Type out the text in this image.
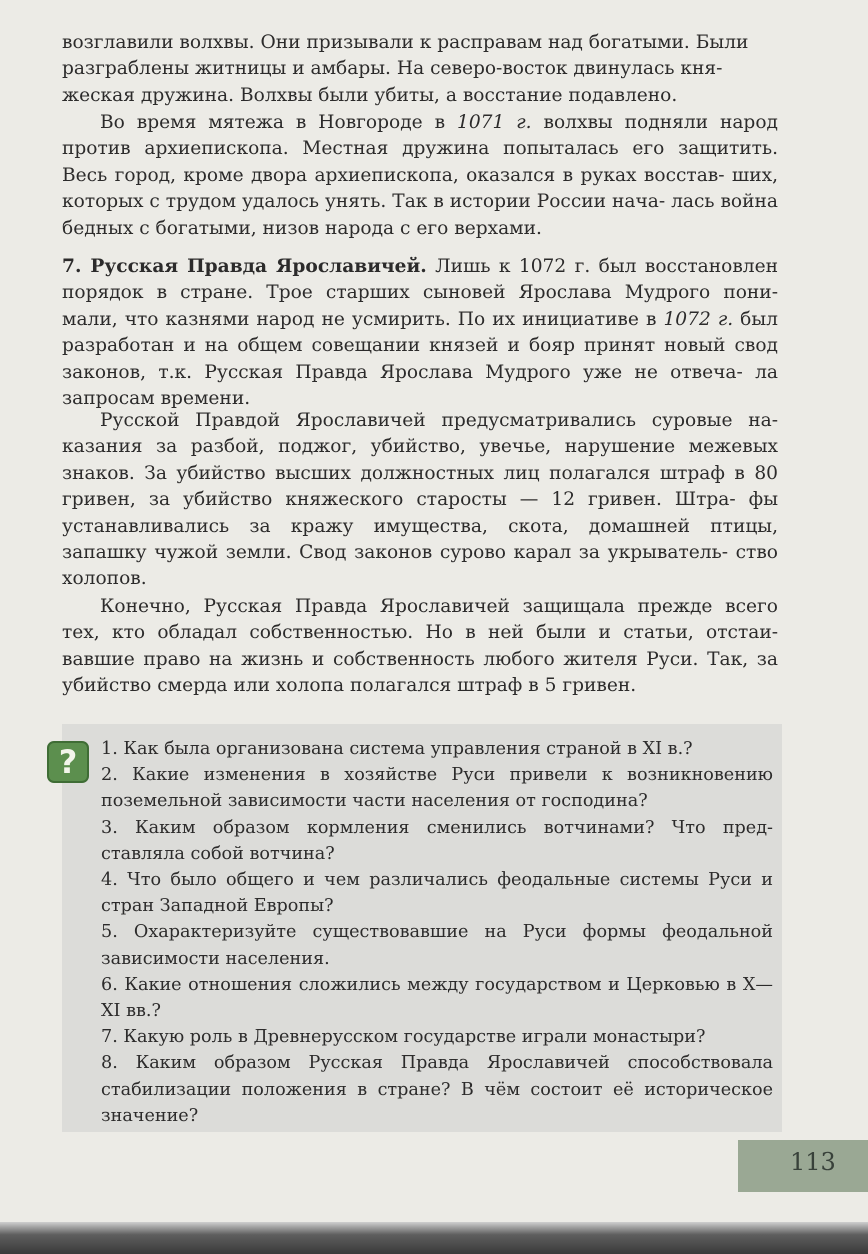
возглавили волхвы. Они призывали к расправам над богатыми. Были

разграблены житницы и амбары. На северо-восток двинулась кня-

жеская дружина. Волхвы были убиты, а восстание подавлено.

Во время мятежа в Новгороде в 1071 г. волхвы подняли народ против архиепископа. Местная дружина попыталась его защитить. Весь город, кроме двора архиепископа, оказался в руках восстав- ших, которых с трудом удалось унять. Так в истории России нача- лась война бедных с богатыми, низов народа с его верхами.

7. Русская Правда Ярославичей. Лишь к 1072 г. был восстановлен порядок в стране. Трое старших сыновей Ярослава Мудрого пони- мали, что казнями народ не усмирить. По их инициативе в 1072 г. был разработан и на общем совещании князей и бояр принят новый свод законов, т.к. Русская Правда Ярослава Мудрого уже не отвеча- ла запросам времени.

Русской Правдой Ярославичей предусматривались суровые на- казания за разбой, поджог, убийство, увечье, нарушение межевых знаков. За убийство высших должностных лиц полагался штраф в 80 гривен, за убийство княжеского старосты — 12 гривен. Штра- фы устанавливались за кражу имущества, скота, домашней птицы, запашку чужой земли. Свод законов сурово карал за укрыватель- ство холопов.

Конечно, Русская Правда Ярославичей защищала прежде всего тех, кто обладал собственностью. Но в ней были и статьи, отстаи- вавшие право на жизнь и собственность любого жителя Руси. Так, за убийство смерда или холопа полагался штраф в 5 гривен.

?	1. Как была организована система управления страной в XI в.?
2. Какие изменения в хозяйстве Руси привели к возникновению поземельной зависимости части населения от господина?
3. Каким образом кормления сменились вотчинами? Что пред- ставляла собой вотчина?
4. Что было общего и чем различались феодальные системы Руси и стран Западной Европы?
5. Охарактеризуйте существовавшие на Руси формы феодальной зависимости населения.
6. Какие отношения сложились между государством и Церковью в X—XI вв.?
7. Какую роль в Древнерусском государстве играли монастыри?
8. Каким образом Русская Правда Ярославичей способствовала стабилизации положения в стране? В чём состоит её историческое значение?
113
